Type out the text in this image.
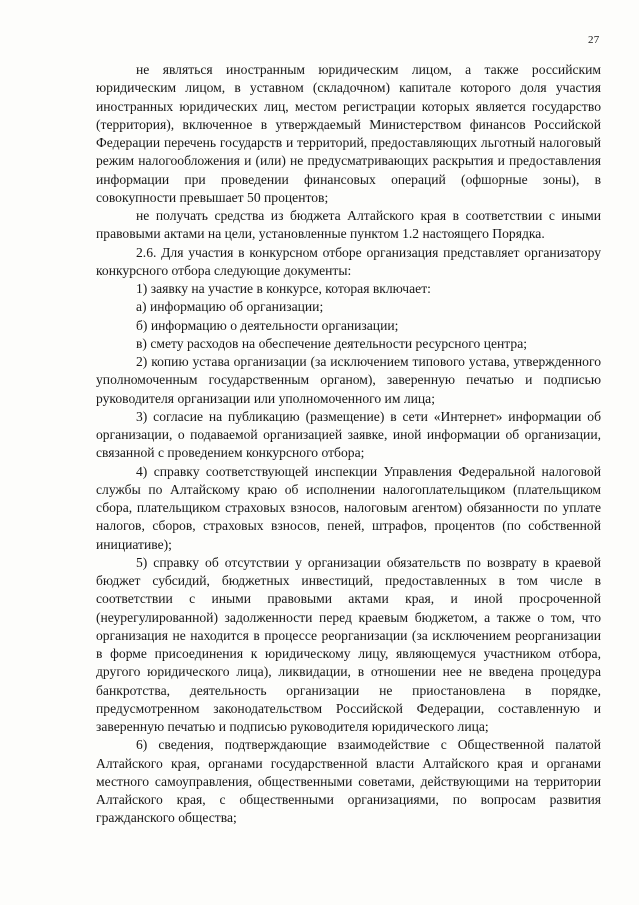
27

не являться иностранным юридическим лицом, а также российским юридическим лицом, в уставном (складочном) капитале которого доля участия иностранных юридических лиц, местом регистрации которых является государство (территория), включенное в утверждаемый Министерством финансов Российской Федерации перечень государств и территорий, предоставляющих льготный налоговый режим налогообложения и (или) не предусматривающих раскрытия и предоставления информации при проведении финансовых операций (офшорные зоны), в совокупности превышает 50 процентов;

не получать средства из бюджета Алтайского края в соответствии с иными правовыми актами на цели, установленные пунктом 1.2 настоящего Порядка.

2.6. Для участия в конкурсном отборе организация представляет организатору конкурсного отбора следующие документы:

1) заявку на участие в конкурсе, которая включает:

а) информацию об организации;

б) информацию о деятельности организации;

в) смету расходов на обеспечение деятельности ресурсного центра;

2) копию устава организации (за исключением типового устава, утвержденного уполномоченным государственным органом), заверенную печатью и подписью руководителя организации или уполномоченного им лица;

3) согласие на публикацию (размещение) в сети «Интернет» информации об организации, о подаваемой организацией заявке, иной информации об организации, связанной с проведением конкурсного отбора;

4) справку соответствующей инспекции Управления Федеральной налоговой службы по Алтайскому краю об исполнении налогоплательщиком (плательщиком сбора, плательщиком страховых взносов, налоговым агентом) обязанности по уплате налогов, сборов, страховых взносов, пеней, штрафов, процентов (по собственной инициативе);

5) справку об отсутствии у организации обязательств по возврату в краевой бюджет субсидий, бюджетных инвестиций, предоставленных в том числе в соответствии с иными правовыми актами края, и иной просроченной (неурегулированной) задолженности перед краевым бюджетом, а также о том, что организация не находится в процессе реорганизации (за исключением реорганизации в форме присоединения к юридическому лицу, являющемуся участником отбора, другого юридического лица), ликвидации, в отношении нее не введена процедура банкротства, деятельность организации не приостановлена в порядке, предусмотренном законодательством Российской Федерации, составленную и заверенную печатью и подписью руководителя юридического лица;

6) сведения, подтверждающие взаимодействие с Общественной палатой Алтайского края, органами государственной власти Алтайского края и органами местного самоуправления, общественными советами, действующими на территории Алтайского края, с общественными организациями, по вопросам развития гражданского общества;
